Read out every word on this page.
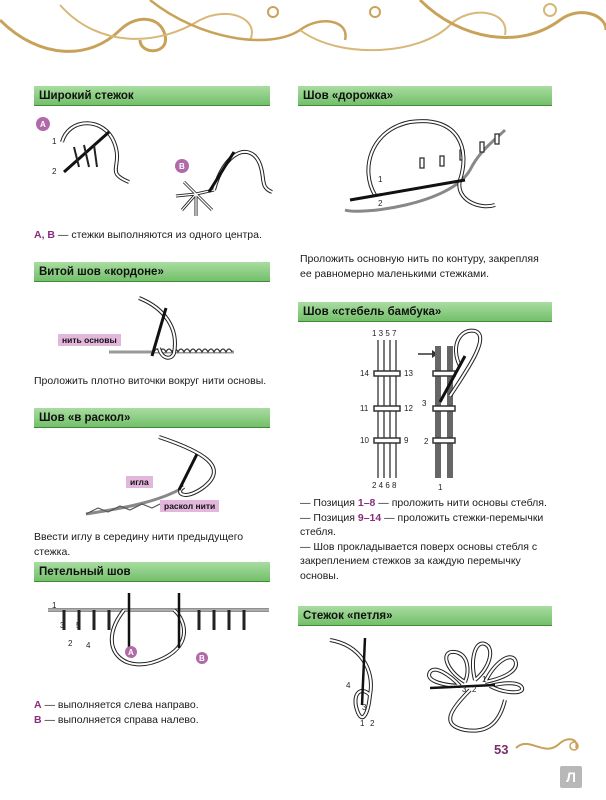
Широкий стежок
A
1
2
B
A, B — стежки выполняются из одного центра.
Витой шов «кордоне»
нить основы
Проложить плотно виточки вокруг нити основы.
Шов «в раскол»
игла
раскол нити
Ввести иглу в середину нити предыдущего стежка.
Петельный шов
A
B
1
3 5
2 4
A — выполняется слева направо.
B — выполняется справа налево.
Шов «дорожка»
1
2
Проложить основную нить по контуру, закрепляя ее равномерно маленькими стежками.
Шов «стебель бамбука»
1 3 5 7
14	13
11	12
10	9
2 4 6 8
3
2
1
— Позиция 1–8 — проложить нити основы стебля.
— Позиция 9–14 — проложить стежки-перемычки стебля.
— Шов прокладывается поверх основы стебля с закреплением стежков за каждую перемычку основы.
Стежок «петля»
4
3
1 2
3 2
1
53
Л
